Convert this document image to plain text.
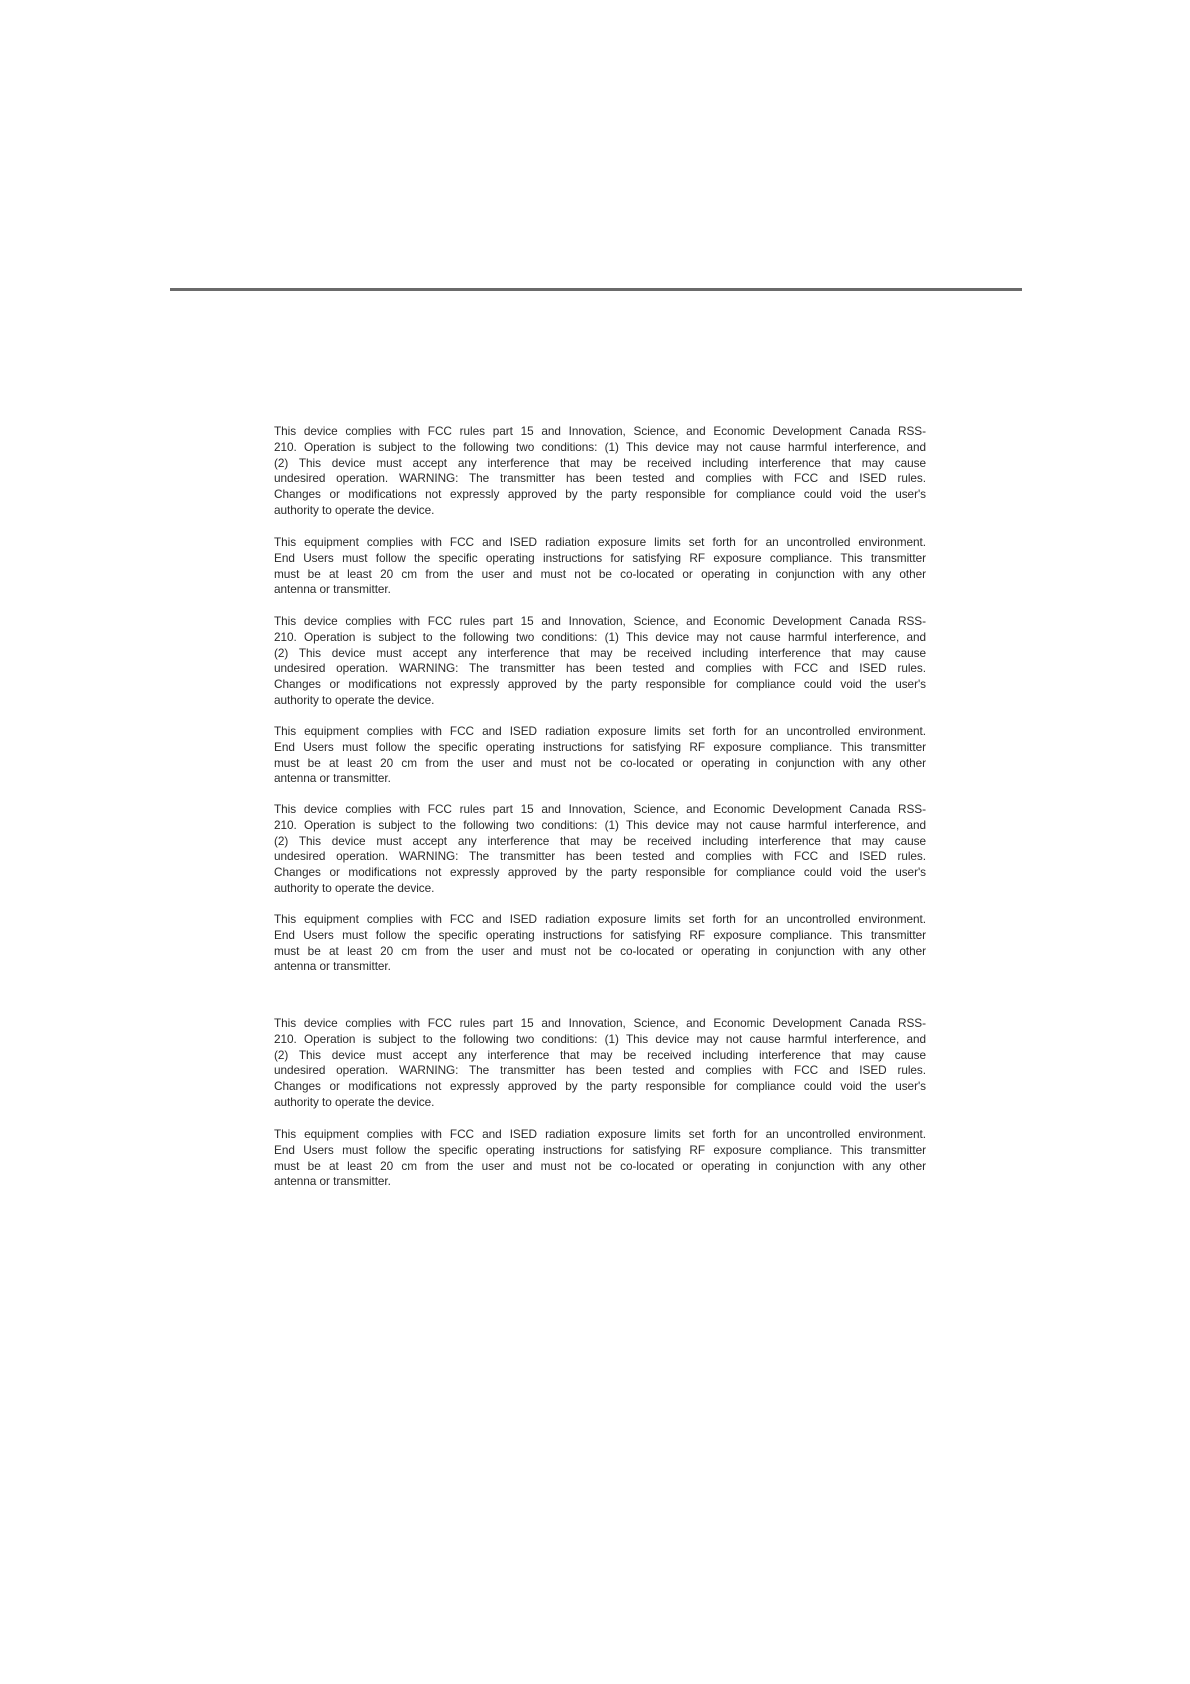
This device complies with FCC rules part 15 and Innovation, Science, and Economic Development Canada RSS-
210. Operation is subject to the following two conditions: (1) This device may not cause harmful interference, and
(2) This device must accept any interference that may be received including interference that may cause
undesired operation. WARNING: The transmitter has been tested and complies with FCC and ISED rules.
Changes or modifications not expressly approved by the party responsible for compliance could void the user's
authority to operate the device.

This equipment complies with FCC and ISED radiation exposure limits set forth for an uncontrolled environment.
End Users must follow the specific operating instructions for satisfying RF exposure compliance. This transmitter
must be at least 20 cm from the user and must not be co-located or operating in conjunction with any other
antenna or transmitter.

This device complies with FCC rules part 15 and Innovation, Science, and Economic Development Canada RSS-
210. Operation is subject to the following two conditions: (1) This device may not cause harmful interference, and
(2) This device must accept any interference that may be received including interference that may cause
undesired operation. WARNING: The transmitter has been tested and complies with FCC and ISED rules.
Changes or modifications not expressly approved by the party responsible for compliance could void the user's
authority to operate the device.

This equipment complies with FCC and ISED radiation exposure limits set forth for an uncontrolled environment.
End Users must follow the specific operating instructions for satisfying RF exposure compliance. This transmitter
must be at least 20 cm from the user and must not be co-located or operating in conjunction with any other
antenna or transmitter.

This device complies with FCC rules part 15 and Innovation, Science, and Economic Development Canada RSS-
210. Operation is subject to the following two conditions: (1) This device may not cause harmful interference, and
(2) This device must accept any interference that may be received including interference that may cause
undesired operation. WARNING: The transmitter has been tested and complies with FCC and ISED rules.
Changes or modifications not expressly approved by the party responsible for compliance could void the user's
authority to operate the device.

This equipment complies with FCC and ISED radiation exposure limits set forth for an uncontrolled environment.
End Users must follow the specific operating instructions for satisfying RF exposure compliance. This transmitter
must be at least 20 cm from the user and must not be co-located or operating in conjunction with any other
antenna or transmitter.

This device complies with FCC rules part 15 and Innovation, Science, and Economic Development Canada RSS-
210. Operation is subject to the following two conditions: (1) This device may not cause harmful interference, and
(2) This device must accept any interference that may be received including interference that may cause
undesired operation. WARNING: The transmitter has been tested and complies with FCC and ISED rules.
Changes or modifications not expressly approved by the party responsible for compliance could void the user's
authority to operate the device.

This equipment complies with FCC and ISED radiation exposure limits set forth for an uncontrolled environment.
End Users must follow the specific operating instructions for satisfying RF exposure compliance. This transmitter
must be at least 20 cm from the user and must not be co-located or operating in conjunction with any other
antenna or transmitter.
